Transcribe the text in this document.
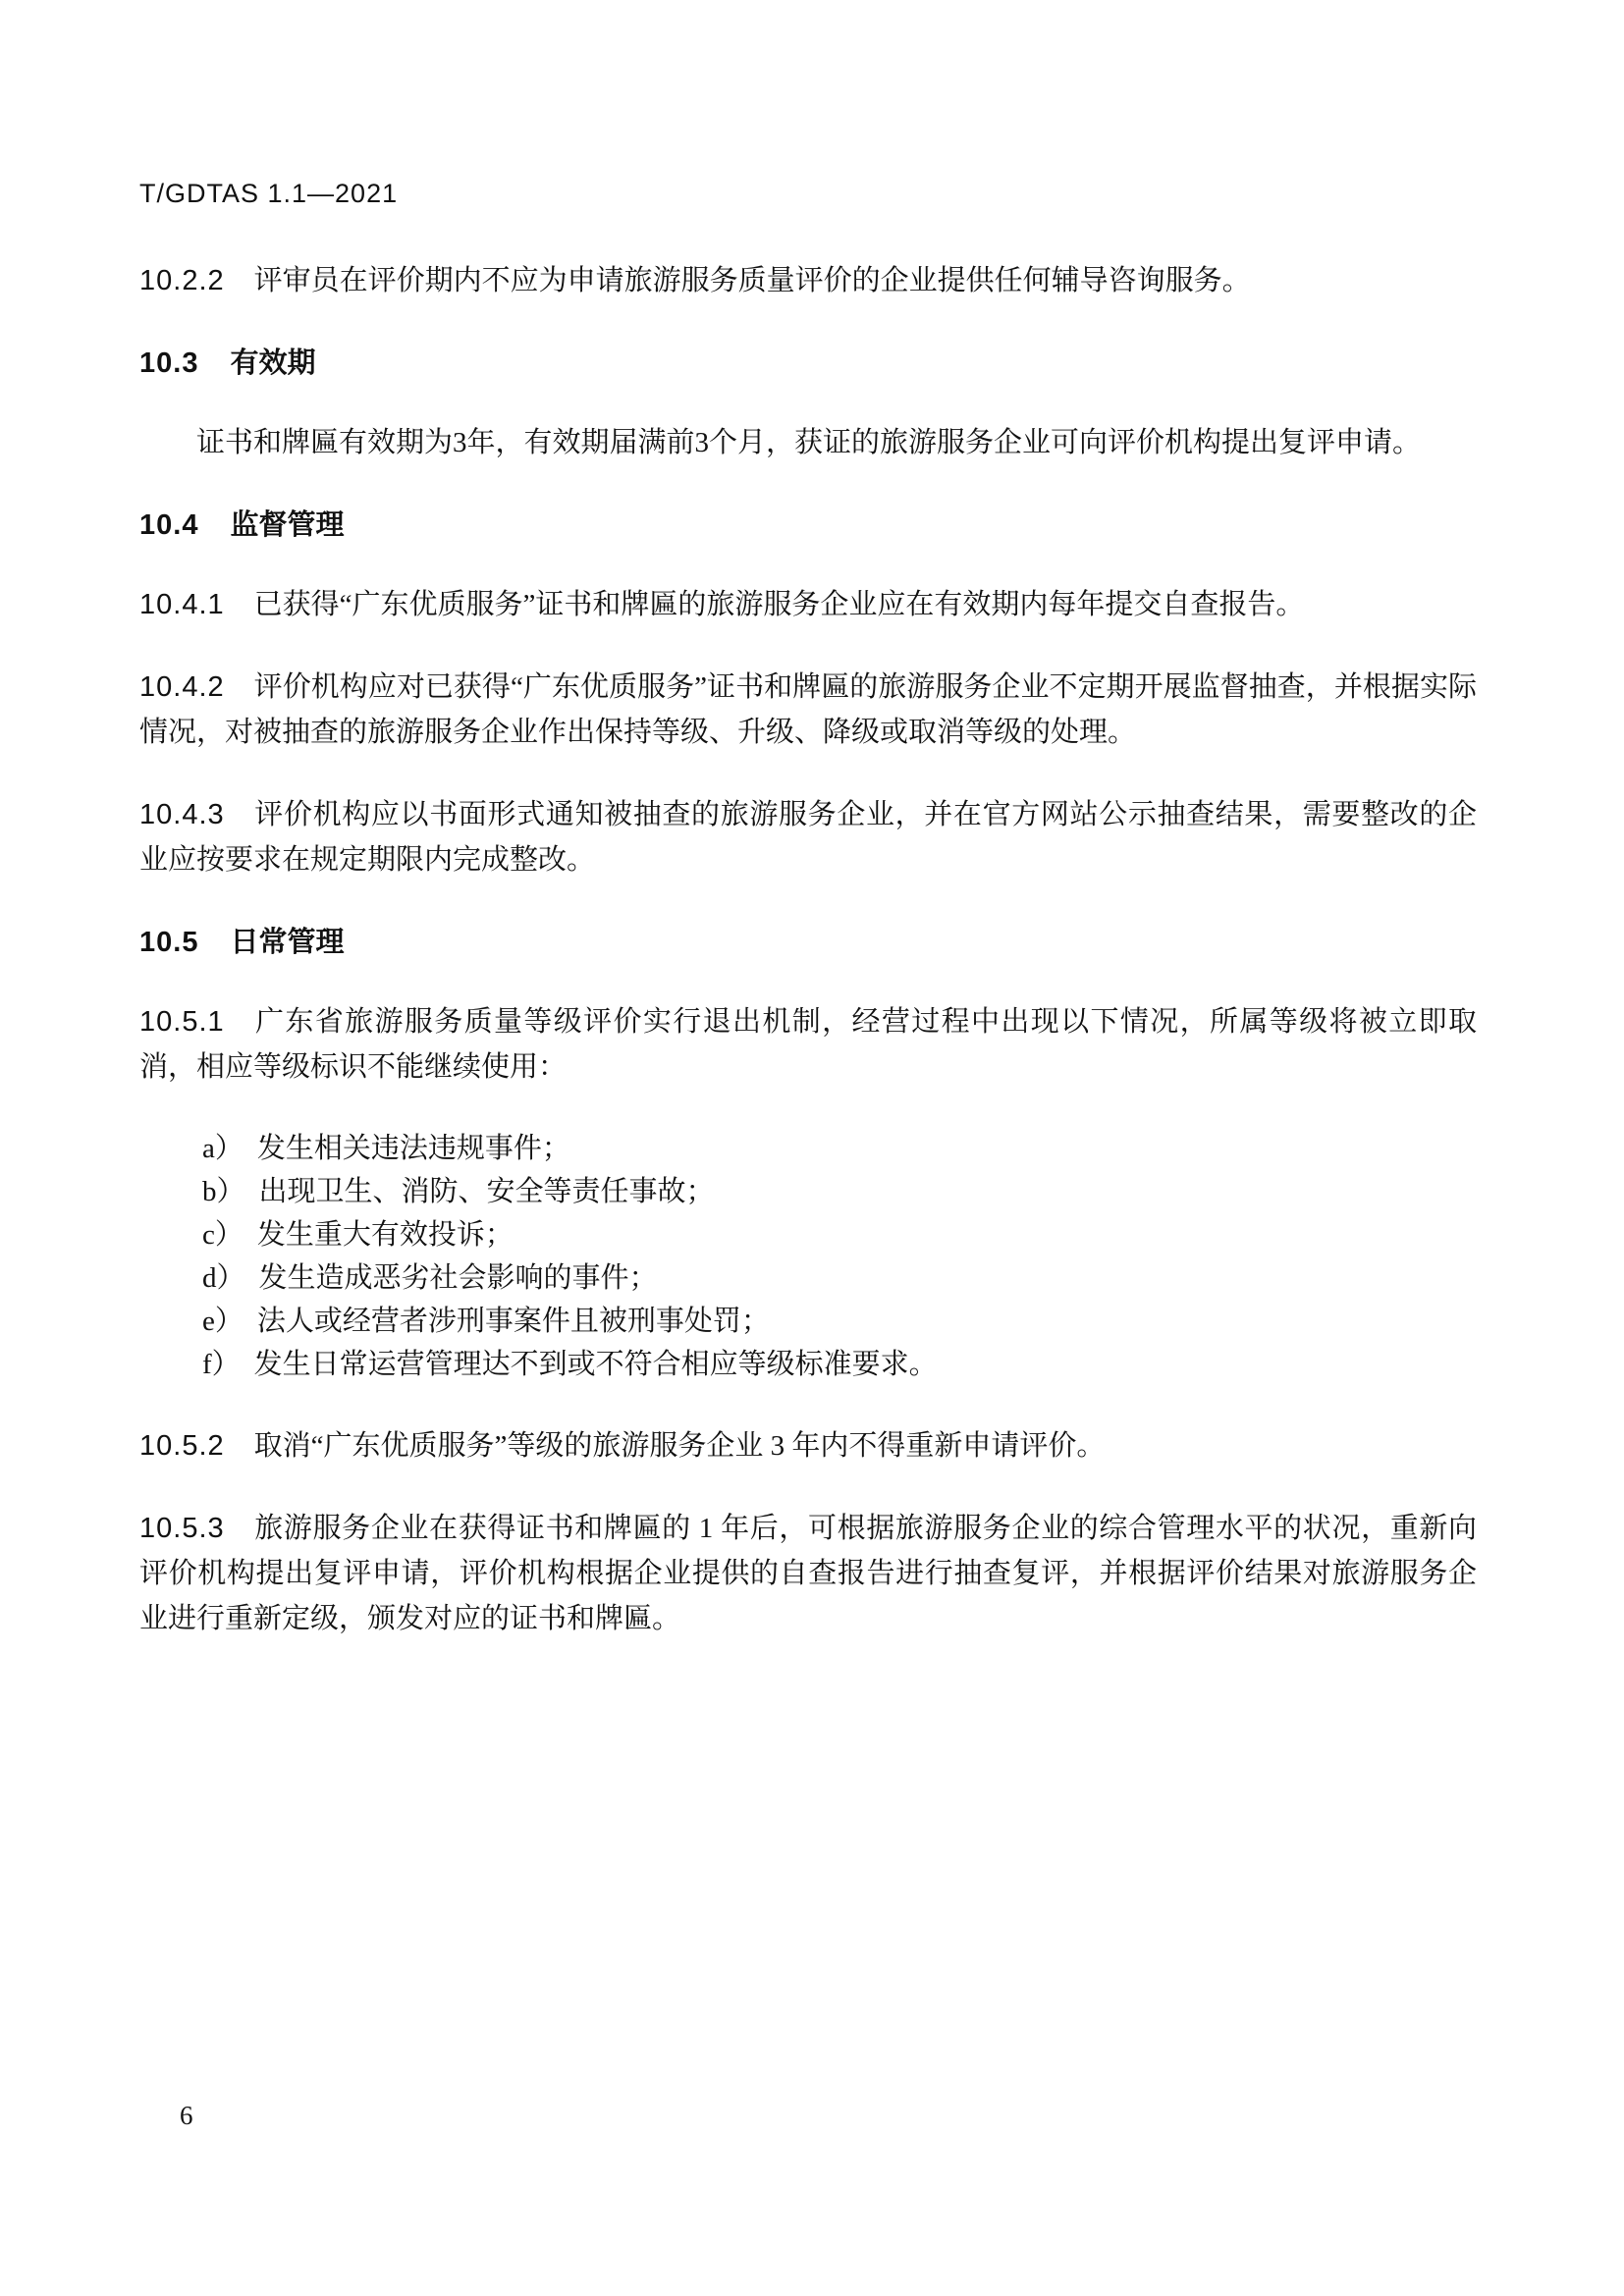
T/GDTAS 1.1—2021

10.2.2 评审员在评价期内不应为申请旅游服务质量评价的企业提供任何辅导咨询服务。

10.3 有效期

证书和牌匾有效期为3年，有效期届满前3个月，获证的旅游服务企业可向评价机构提出复评申请。

10.4 监督管理

10.4.1 已获得“广东优质服务”证书和牌匾的旅游服务企业应在有效期内每年提交自查报告。

10.4.2 评价机构应对已获得“广东优质服务”证书和牌匾的旅游服务企业不定期开展监督抽查，并根据实际情况，对被抽查的旅游服务企业作出保持等级、升级、降级或取消等级的处理。

10.4.3 评价机构应以书面形式通知被抽查的旅游服务企业，并在官方网站公示抽查结果，需要整改的企业应按要求在规定期限内完成整改。

10.5 日常管理

10.5.1 广东省旅游服务质量等级评价实行退出机制，经营过程中出现以下情况，所属等级将被立即取消，相应等级标识不能继续使用：

a） 发生相关违法违规事件；
b） 出现卫生、消防、安全等责任事故；
c） 发生重大有效投诉；
d） 发生造成恶劣社会影响的事件；
e） 法人或经营者涉刑事案件且被刑事处罚；
f） 发生日常运营管理达不到或不符合相应等级标准要求。

10.5.2 取消“广东优质服务”等级的旅游服务企业 3 年内不得重新申请评价。

10.5.3 旅游服务企业在获得证书和牌匾的 1 年后，可根据旅游服务企业的综合管理水平的状况，重新向评价机构提出复评申请，评价机构根据企业提供的自查报告进行抽查复评，并根据评价结果对旅游服务企业进行重新定级，颁发对应的证书和牌匾。

6
